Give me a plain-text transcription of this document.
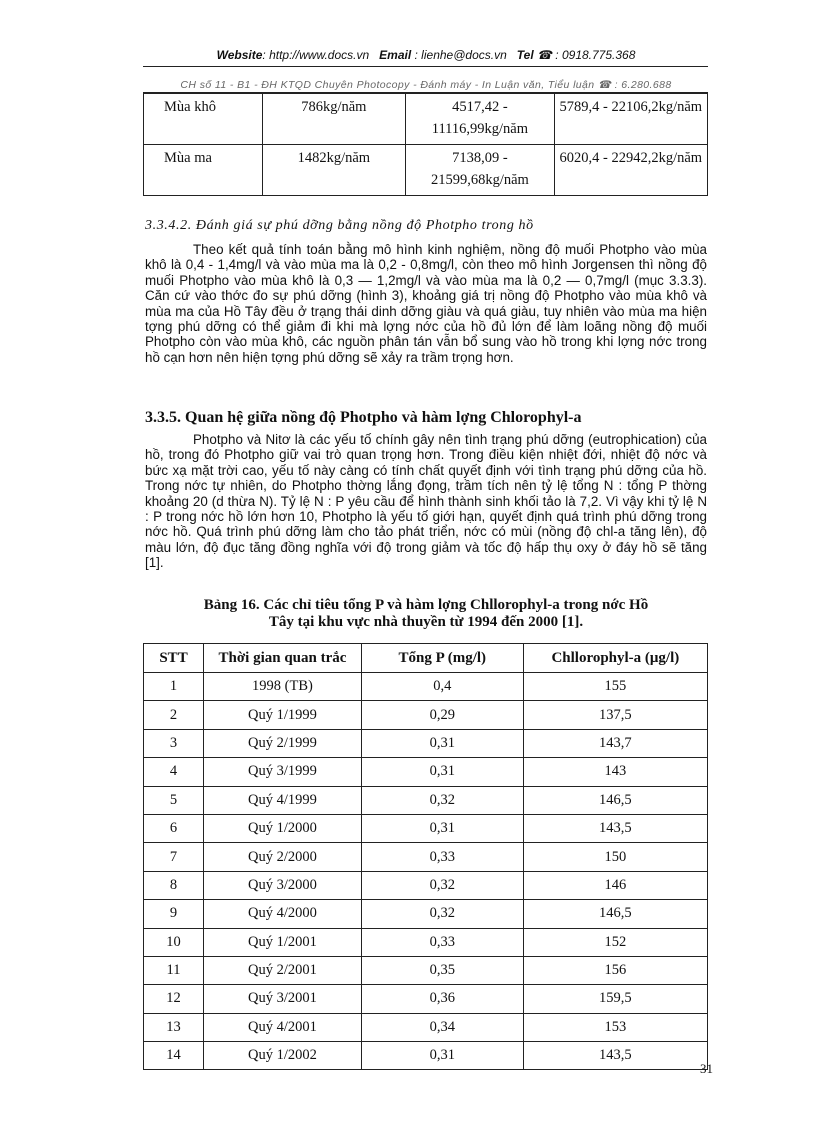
Website: http://www.docs.vn Email : lienhe@docs.vn Tel ☎ : 0918.775.368
CH số 11 - B1 - ĐH KTQD Chuyên Photocopy - Đánh máy - In Luận văn, Tiểu luận ☎ : 6.280.688
Mùa khô	786kg/năm	4517,42 - 11116,99kg/năm	5789,4 - 22106,2kg/năm
Mùa ma	1482kg/năm	7138,09 - 21599,68kg/năm	6020,4 - 22942,2kg/năm
3.3.4.2. Đánh giá sự phú dỡng bằng nồng độ Photpho trong hồ
Theo kết quả tính toán bằng mô hình kinh nghiệm, nồng độ muối Photpho vào mùa khô là 0,4 - 1,4mg/l và vào mùa ma là 0,2 - 0,8mg/l, còn theo mô hình Jorgensen thì nồng độ muối Photpho vào mùa khô là 0,3 — 1,2mg/l và vào mùa ma là 0,2 — 0,7mg/l (mục 3.3.3). Căn cứ vào thớc đo sự phú dỡng (hình 3), khoảng giá trị nồng độ Photpho vào mùa khô và mùa ma của Hồ Tây đều ở trạng thái dinh dỡng giàu và quá giàu, tuy nhiên vào mùa ma hiện tợng phú dỡng có thể giảm đi khi mà lợng nớc của hồ đủ lớn để làm loãng nồng độ muối Photpho còn vào mùa khô, các nguồn phân tán vẫn bổ sung vào hồ trong khi lợng nớc trong hồ cạn hơn nên hiện tợng phú dỡng sẽ xảy ra trầm trọng hơn.
3.3.5. Quan hệ giữa nồng độ Photpho và hàm lợng Chlorophyl-a
Photpho và Nitơ là các yếu tố chính gây nên tình trạng phú dỡng (eutrophication) của hồ, trong đó Photpho giữ vai trò quan trọng hơn. Trong điều kiện nhiệt đới, nhiệt độ nớc và bức xạ mặt trời cao, yếu tố này càng có tính chất quyết định với tình trạng phú dỡng của hồ. Trong nớc tự nhiên, do Photpho thờng lắng đọng, trầm tích nên tỷ lệ tổng N : tổng P thờng khoảng 20 (d thừa N). Tỷ lệ N : P yêu cầu để hình thành sinh khối tảo là 7,2. Vì vậy khi tỷ lệ N : P trong nớc hồ lớn hơn 10, Photpho là yếu tố giới hạn, quyết định quá trình phú dỡng trong nớc hồ. Quá trình phú dỡng làm cho tảo phát triển, nớc có mùi (nồng độ chl-a tăng lên), độ màu lớn, độ đục tăng đồng nghĩa với độ trong giảm và tốc độ hấp thụ oxy ở đáy hồ sẽ tăng [1].
Bảng 16. Các chỉ tiêu tổng P và hàm lợng Chllorophyl-a trong nớc Hồ
Tây tại khu vực nhà thuyền từ 1994 đến 2000 [1].
STT	Thời gian quan trắc	Tổng P (mg/l)	Chllorophyl-a (μg/l)
1	1998 (TB)	0,4	155
2	Quý 1/1999	0,29	137,5
3	Quý 2/1999	0,31	143,7
4	Quý 3/1999	0,31	143
5	Quý 4/1999	0,32	146,5
6	Quý 1/2000	0,31	143,5
7	Quý 2/2000	0,33	150
8	Quý 3/2000	0,32	146
9	Quý 4/2000	0,32	146,5
10	Quý 1/2001	0,33	152
11	Quý 2/2001	0,35	156
12	Quý 3/2001	0,36	159,5
13	Quý 4/2001	0,34	153
14	Quý 1/2002	0,31	143,5
31
